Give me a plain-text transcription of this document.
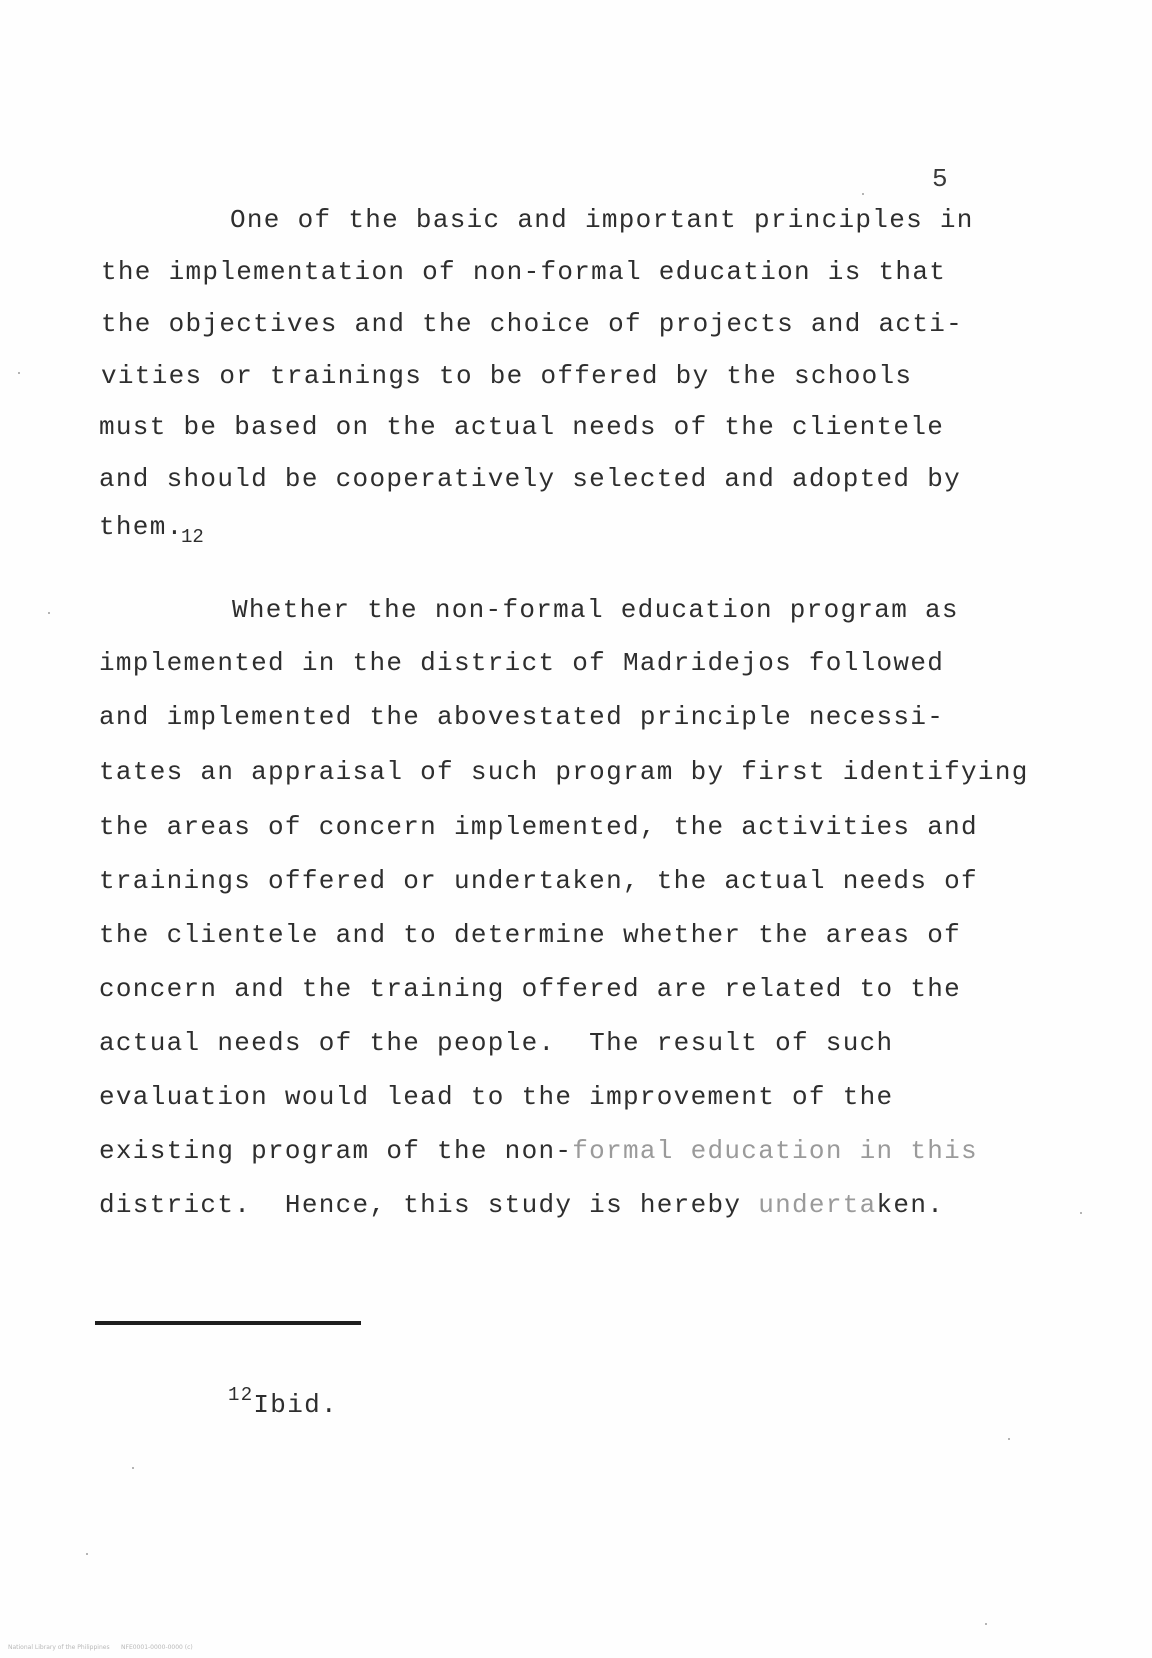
5
One of the basic and important principles in
the implementation of non-formal education is that
the objectives and the choice of projects and acti-
vities or trainings to be offered by the schools
must be based on the actual needs of the clientele
and should be cooperatively selected and adopted by
them.
12
Whether the non-formal education program as
implemented in the district of Madridejos followed
and implemented the abovestated principle necessi-
tates an appraisal of such program by first identifying
the areas of concern implemented, the activities and
trainings offered or undertaken, the actual needs of
the clientele and to determine whether the areas of
concern and the training offered are related to the
actual needs of the people.  The result of such
evaluation would lead to the improvement of the
existing program of the non-formal education in this
district.  Hence, this study is hereby undertaken.
$^{12}$Ibid.
National Library of the Philippines      NFE0001-0000-0000 (c)
